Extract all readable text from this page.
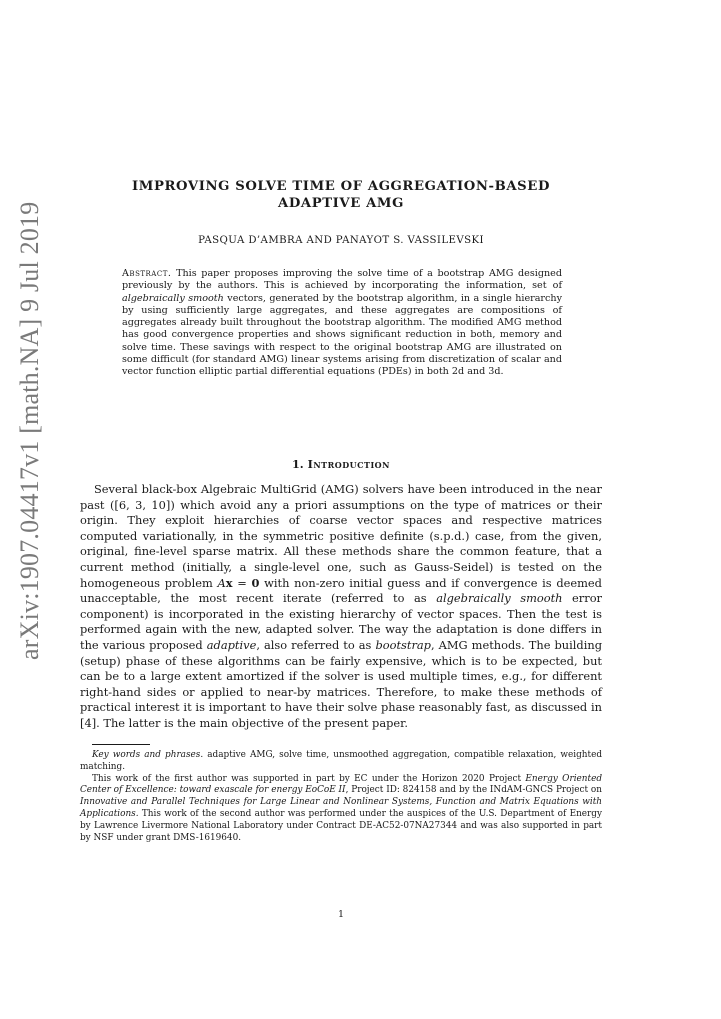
arXiv:1907.04417v1 [math.NA] 9 Jul 2019
IMPROVING SOLVE TIME OF AGGREGATION-BASED
ADAPTIVE AMG

PASQUA D’AMBRA AND PANAYOT S. VASSILEVSKI

Abstract. This paper proposes improving the solve time of a bootstrap AMG designed previously by the authors. This is achieved by incorporating the information, set of algebraically smooth vectors, generated by the bootstrap algorithm, in a single hierarchy by using sufficiently large aggregates, and these aggregates are compositions of aggregates already built throughout the bootstrap algorithm. The modified AMG method has good convergence properties and shows significant reduction in both, memory and solve time. These savings with respect to the original bootstrap AMG are illustrated on some difficult (for standard AMG) linear systems arising from discretization of scalar and vector function elliptic partial differential equations (PDEs) in both 2d and 3d.

1. Introduction

Several black-box Algebraic MultiGrid (AMG) solvers have been introduced in the near past ([6, 3, 10]) which avoid any a priori assumptions on the type of matrices or their origin. They exploit hierarchies of coarse vector spaces and respective matrices computed variationally, in the symmetric positive definite (s.p.d.) case, from the given, original, fine-level sparse matrix. All these methods share the common feature, that a current method (initially, a single-level one, such as Gauss-Seidel) is tested on the homogeneous problem Ax = 0 with non-zero initial guess and if convergence is deemed unacceptable, the most recent iterate (referred to as algebraically smooth error component) is incorporated in the existing hierarchy of vector spaces. Then the test is performed again with the new, adapted solver. The way the adaptation is done differs in the various proposed adaptive, also referred to as bootstrap, AMG methods. The building (setup) phase of these algorithms can be fairly expensive, which is to be expected, but can be to a large extent amortized if the solver is used multiple times, e.g., for different right-hand sides or applied to near-by matrices. Therefore, to make these methods of practical interest it is important to have their solve phase reasonably fast, as discussed in [4]. The latter is the main objective of the present paper.

Key words and phrases. adaptive AMG, solve time, unsmoothed aggregation, compatible relaxation, weighted matching.

This work of the first author was supported in part by EC under the Horizon 2020 Project Energy Oriented Center of Excellence: toward exascale for energy EoCoE II, Project ID: 824158 and by the INdAM-GNCS Project on Innovative and Parallel Techniques for Large Linear and Nonlinear Systems, Function and Matrix Equations with Applications. This work of the second author was performed under the auspices of the U.S. Department of Energy by Lawrence Livermore National Laboratory under Contract DE-AC52-07NA27344 and was also supported in part by NSF under grant DMS-1619640.

1
